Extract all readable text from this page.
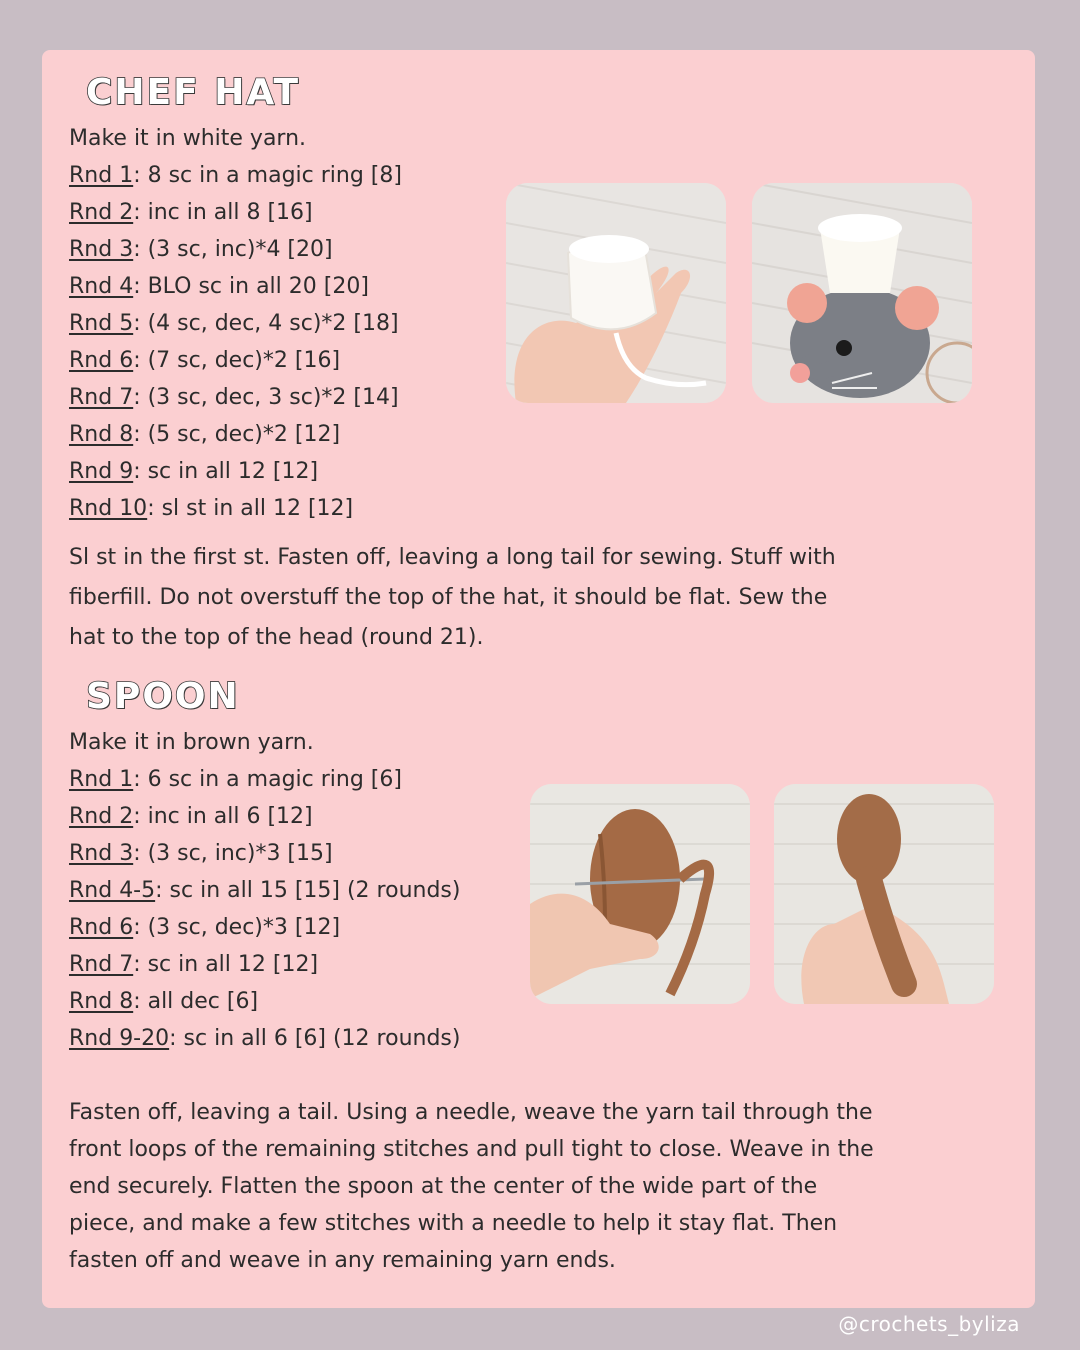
CHEF HAT
Make it in white yarn.
Rnd 1: 8 sc in a magic ring [8]
Rnd 2: inc in all 8 [16]
Rnd 3: (3 sc, inc)*4 [20]
Rnd 4: BLO sc in all 20 [20]
Rnd 5: (4 sc, dec, 4 sc)*2 [18]
Rnd 6: (7 sc, dec)*2 [16]
Rnd 7: (3 sc, dec, 3 sc)*2 [14]
Rnd 8: (5 sc, dec)*2 [12]
Rnd 9: sc in all 12 [12]
Rnd 10: sl st in all 12 [12]

Sl st in the first st. Fasten off, leaving a long tail for sewing. Stuff with

fiberfill. Do not overstuff the top of the hat, it should be flat. Sew the

hat to the top of the head (round 21).

SPOON
Make it in brown yarn.
Rnd 1: 6 sc in a magic ring [6]
Rnd 2: inc in all 6 [12]
Rnd 3: (3 sc, inc)*3 [15]
Rnd 4-5: sc in all 15 [15] (2 rounds)
Rnd 6: (3 sc, dec)*3 [12]
Rnd 7: sc in all 12 [12]
Rnd 8: all dec [6]
Rnd 9-20: sc in all 6 [6] (12 rounds)

Fasten off, leaving a tail. Using a needle, weave the yarn tail through the

front loops of the remaining stitches and pull tight to close. Weave in the

end securely. Flatten the spoon at the center of the wide part of the

piece, and make a few stitches with a needle to help it stay flat. Then

fasten off and weave in any remaining yarn ends.

@crochets_byliza
